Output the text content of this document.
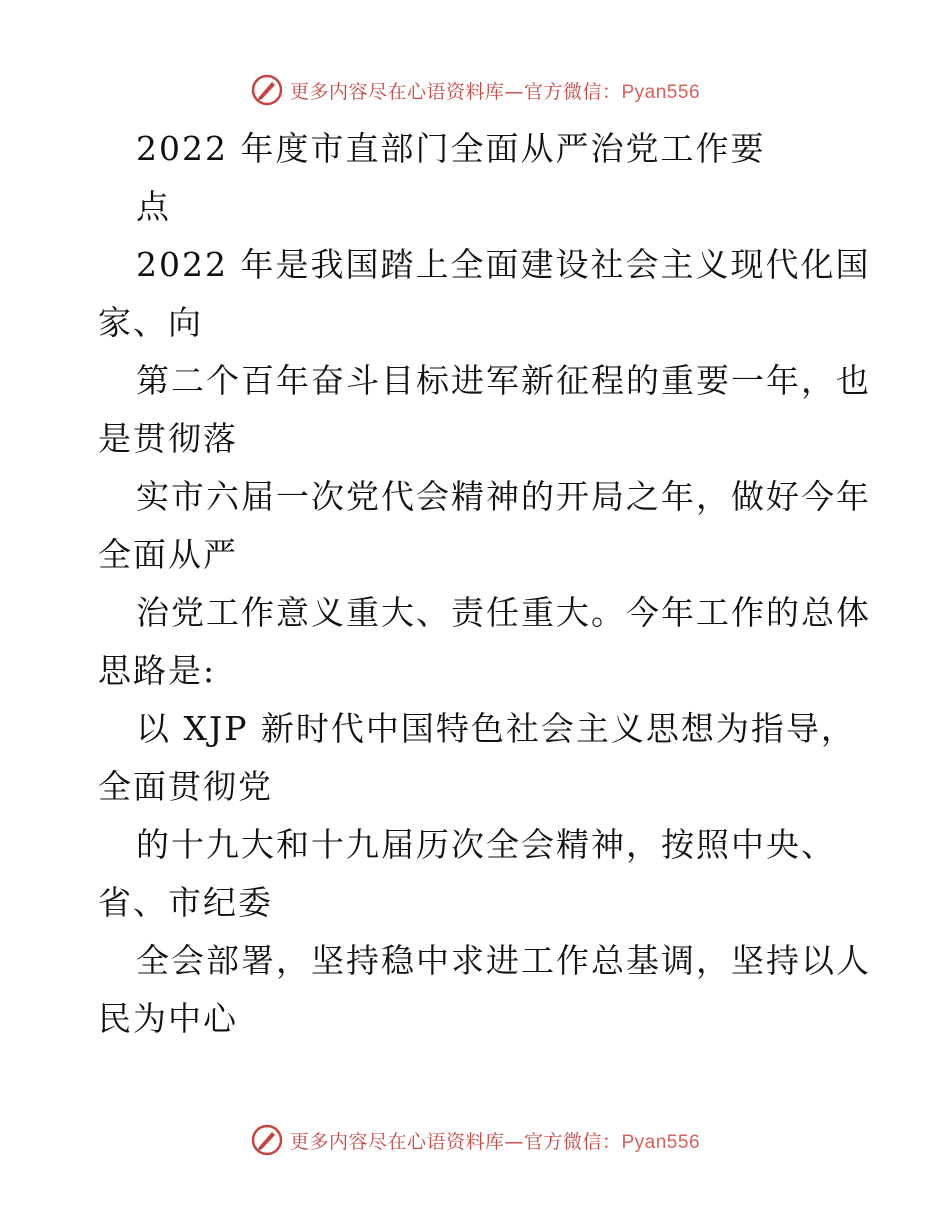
更多内容尽在心语资料库—官方微信：Pyan556
2022 年度市直部门全面从严治党工作要
点
2022 年是我国踏上全面建设社会主义现代化国
家、向
第二个百年奋斗目标进军新征程的重要一年，也
是贯彻落
实市六届一次党代会精神的开局之年，做好今年
全面从严
治党工作意义重大、责任重大。今年工作的总体
思路是:
以 XJP 新时代中国特色社会主义思想为指导，
全面贯彻党
的十九大和十九届历次全会精神，按照中央、
省、市纪委
全会部署，坚持稳中求进工作总基调，坚持以人
民为中心
更多内容尽在心语资料库—官方微信：Pyan556
